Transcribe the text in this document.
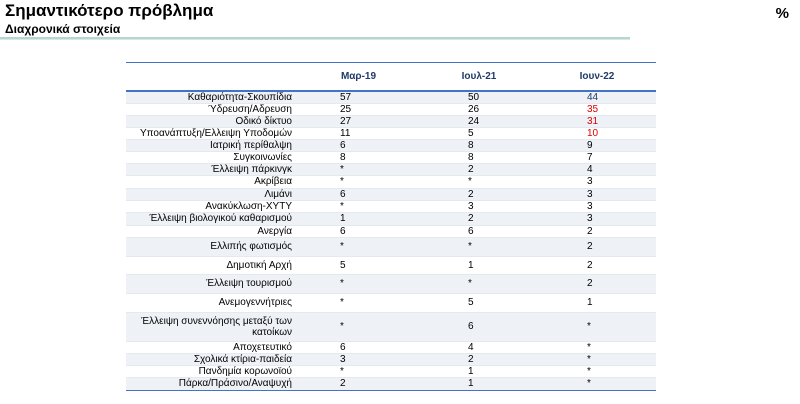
Σημαντικότερο πρόβλημα
Διαχρονικά στοιχεία
%
	Μαρ-19	Ιουλ-21	Ιουν-22
Καθαριότητα-Σκουπίδια	57	50	44
Ύδρευση/Αδρευση	25	26	35
Οδικό δίκτυο	27	24	31
Υποανάπτυξη/Ελλειψη Υποδομών	11	5	10
Ιατρική περίθαλψη	6	8	9
Συγκοινωνίες	8	8	7
Έλλειψη πάρκινγκ	*	2	4
Ακρίβεια	*	*	3
Λιμάνι	6	2	3
Ανακύκλωση-ΧΥΤΥ	*	3	3
Έλλειψη βιολογικού καθαρισμού	1	2	3
Ανεργία	6	6	2
Ελλιπής φωτισμός	*	*	2
Δημοτική Αρχή	5	1	2
Έλλειψη τουρισμού	*	*	2
Ανεμογεννήτριες	*	5	1
Έλλειψη συνεννόησης μεταξύ των κατοίκων	*	6	*
Αποχετευτικό	6	4	*
Σχολικά κτίρια-παιδεία	3	2	*
Πανδημία κορωνοϊού	*	1	*
Πάρκα/Πράσινο/Αναψυχή	2	1	*
